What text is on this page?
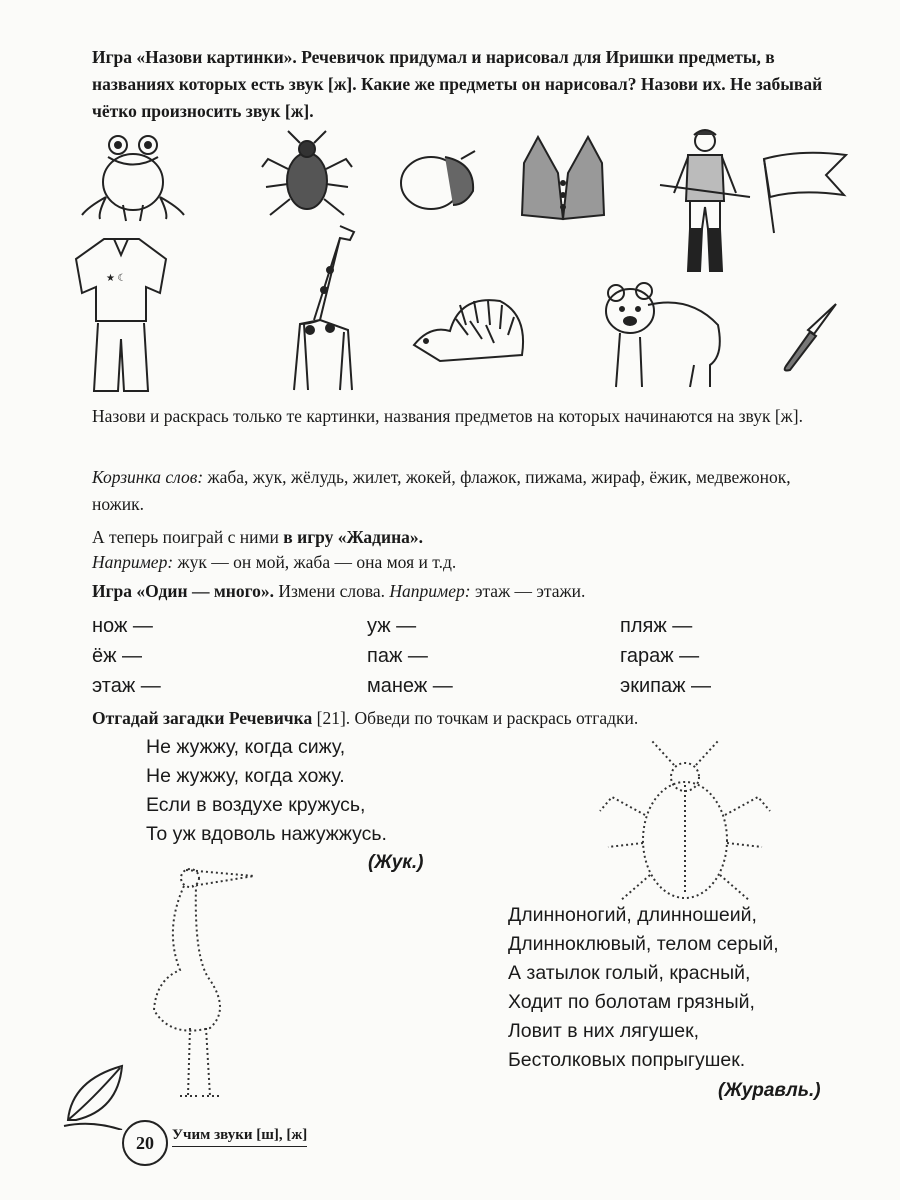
Игра «Назови картинки». Речевичок придумал и нарисовал для Иришки предметы, в названиях которых есть звук [ж]. Какие же предметы он нарисовал? Назови их. Не забывай чётко произносить звук [ж].
★ ☾
Назови и раскрась только те картинки, названия предметов на которых начинаются на звук [ж].
Корзинка слов: жаба, жук, жёлудь, жилет, жокей, флажок, пижама, жираф, ёжик, медвежонок, ножик.
А теперь поиграй с ними в игру «Жадина».
Например: жук — он мой, жаба — она моя и т.д.
Игра «Один — много». Измени слова. Например: этаж — этажи.
нож —
ёж —
этаж —
уж —
паж —
манеж —
пляж —
гараж —
экипаж —
Отгадай загадки Речевичка [21]. Обведи по точкам и раскрась отгадки.
Не жужжу, когда сижу,
Не жужжу, когда хожу.
Если в воздухе кружусь,
То уж вдоволь нажужжусь.
(Жук.)
Длинноногий, длинношеий,
Длинноклювый, телом серый,
А затылок голый, красный,
Ходит по болотам грязный,
Ловит в них лягушек,
Бестолковых попрыгушек.
(Журавль.)
20	Учим звуки [ш], [ж]
